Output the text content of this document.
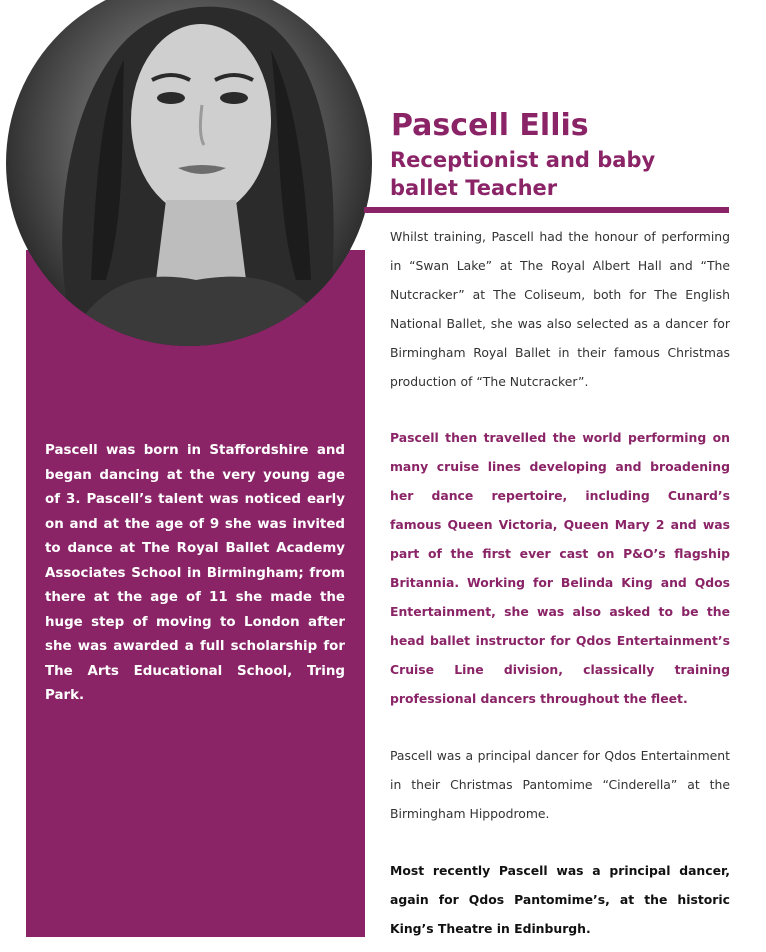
Pascell Ellis
Receptionist and baby ballet Teacher

Whilst training, Pascell had the honour of performing in “Swan Lake” at The Royal Albert Hall and “The Nutcracker” at The Coliseum, both for The English National Ballet, she was also selected as a dancer for Birmingham Royal Ballet in their famous Christmas production of “The Nutcracker”.

Pascell then travelled the world performing on many cruise lines developing and broadening her dance repertoire, including Cunard’s famous Queen Victoria, Queen Mary 2 and was part of the first ever cast on P&O’s flagship Britannia. Working for Belinda King and Qdos Entertainment, she was also asked to be the head ballet instructor for Qdos Entertainment’s Cruise Line division, classically training professional dancers throughout the fleet.

Pascell was a principal dancer for Qdos Entertainment in their Christmas Pantomime “Cinderella” at the Birmingham Hippodrome.

Most recently Pascell was a principal dancer, again for Qdos Pantomime’s, at the historic King’s Theatre in Edinburgh.

Pascell was born in Staffordshire and began dancing at the very young age of 3. Pascell’s talent was noticed early on and at the age of 9 she was invited to dance at The Royal Ballet Academy Associates School in Birmingham; from there at the age of 11 she made the huge step of moving to London after she was awarded a full scholarship for The Arts Educational School, Tring Park.
